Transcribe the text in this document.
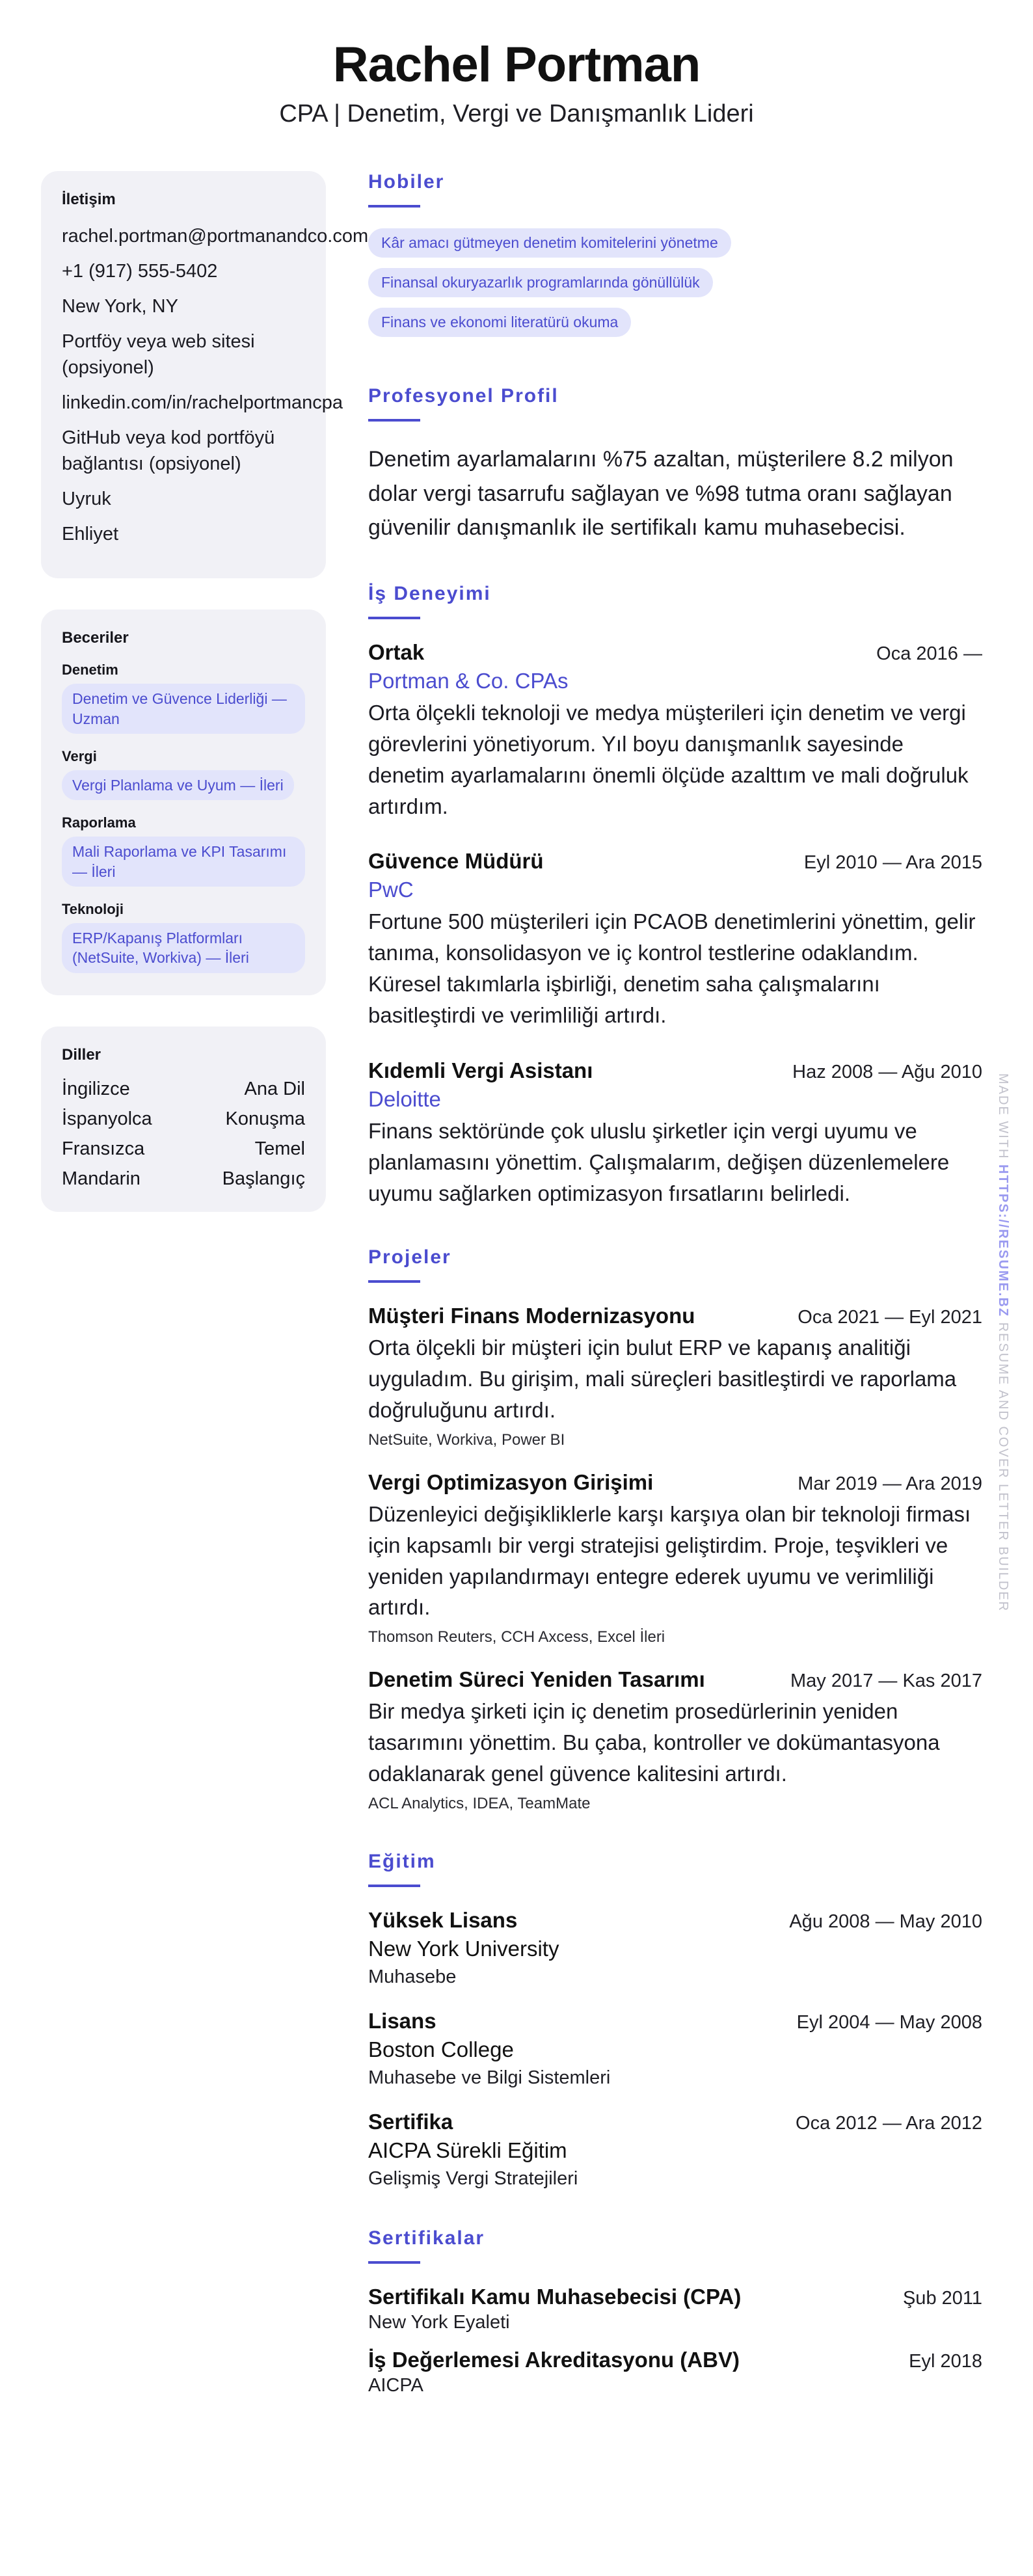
Rachel Portman
CPA | Denetim, Vergi ve Danışmanlık Lideri
İletişim
rachel.portman@portmanandco.com
+1 (917) 555-5402
New York, NY
Portföy veya web sitesi (opsiyonel)
linkedin.com/in/rachelportmancpa
GitHub veya kod portföyü bağlantısı (opsiyonel)
Uyruk
Ehliyet
Beceriler
Denetim
Denetim ve Güvence Liderliği — Uzman
Vergi
Vergi Planlama ve Uyum — İleri
Raporlama
Mali Raporlama ve KPI Tasarımı — İleri
Teknoloji
ERP/Kapanış Platformları (NetSuite, Workiva) — İleri
Diller
İngilizce	Ana Dil
İspanyolca	Konuşma
Fransızca	Temel
Mandarin	Başlangıç
Hobiler
Kâr amacı gütmeyen denetim komitelerini yönetme
Finansal okuryazarlık programlarında gönüllülük
Finans ve ekonomi literatürü okuma
Profesyonel Profil

Denetim ayarlamalarını %75 azaltan, müşterilere 8.2 milyon dolar vergi tasarrufu sağlayan ve %98 tutma oranı sağlayan güvenilir danışmanlık ile sertifikalı kamu muhasebecisi.

İş Deneyimi
Ortak	Oca 2016 —
Portman & Co. CPAs

Orta ölçekli teknoloji ve medya müşterileri için denetim ve vergi görevlerini yönetiyorum. Yıl boyu danışmanlık sayesinde denetim ayarlamalarını önemli ölçüde azalttım ve mali doğruluk artırdım.

Güvence Müdürü	Eyl 2010 — Ara 2015
PwC

Fortune 500 müşterileri için PCAOB denetimlerini yönettim, gelir tanıma, konsolidasyon ve iç kontrol testlerine odaklandım. Küresel takımlarla işbirliği, denetim saha çalışmalarını basitleştirdi ve verimliliği artırdı.

Kıdemli Vergi Asistanı	Haz 2008 — Ağu 2010
Deloitte

Finans sektöründe çok uluslu şirketler için vergi uyumu ve planlamasını yönettim. Çalışmalarım, değişen düzenlemelere uyumu sağlarken optimizasyon fırsatlarını belirledi.

Projeler
Müşteri Finans Modernizasyonu	Oca 2021 — Eyl 2021

Orta ölçekli bir müşteri için bulut ERP ve kapanış analitiği uyguladım. Bu girişim, mali süreçleri basitleştirdi ve raporlama doğruluğunu artırdı.

NetSuite, Workiva, Power BI
Vergi Optimizasyon Girişimi	Mar 2019 — Ara 2019

Düzenleyici değişikliklerle karşı karşıya olan bir teknoloji firması için kapsamlı bir vergi stratejisi geliştirdim. Proje, teşvikleri ve yeniden yapılandırmayı entegre ederek uyumu ve verimliliği artırdı.

Thomson Reuters, CCH Axcess, Excel İleri
Denetim Süreci Yeniden Tasarımı	May 2017 — Kas 2017

Bir medya şirketi için iç denetim prosedürlerinin yeniden tasarımını yönettim. Bu çaba, kontroller ve dokümantasyona odaklanarak genel güvence kalitesini artırdı.

ACL Analytics, IDEA, TeamMate
Eğitim
Yüksek Lisans	Ağu 2008 — May 2010
New York University
Muhasebe
Lisans	Eyl 2004 — May 2008
Boston College
Muhasebe ve Bilgi Sistemleri
Sertifika	Oca 2012 — Ara 2012
AICPA Sürekli Eğitim
Gelişmiş Vergi Stratejileri
Sertifikalar
Sertifikalı Kamu Muhasebecisi (CPA)	Şub 2011
New York Eyaleti
İş Değerlemesi Akreditasyonu (ABV)	Eyl 2018
AICPA
MADE WITH HTTPS://RESUME.BZ RESUME AND COVER LETTER BUILDER
